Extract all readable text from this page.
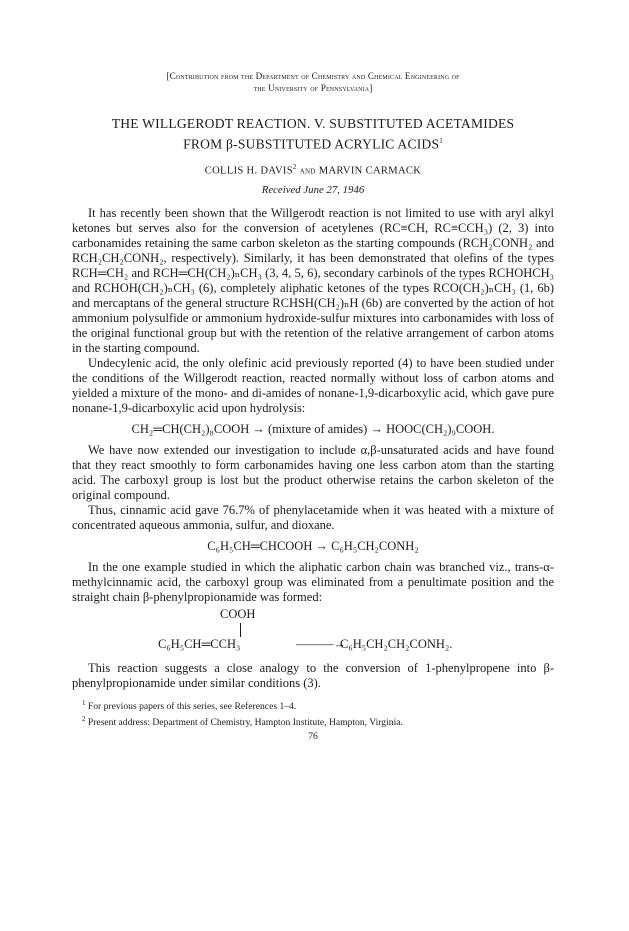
[Contribution from the Department of Chemistry and Chemical Engineering of
the University of Pennsylvania]
THE WILLGERODT REACTION. V. SUBSTITUTED ACETAMIDES
FROM β-SUBSTITUTED ACRYLIC ACIDS$^1$
COLLIS H. DAVIS$^2$ and MARVIN CARMACK
Received June 27, 1946

It has recently been shown that the Willgerodt reaction is not limited to use with aryl alkyl ketones but serves also for the conversion of acetylenes (RC≡CH, RC≡CCH₃) (2, 3) into carbonamides retaining the same carbon skeleton as the starting compounds (RCH₂CONH₂ and RCH₂CH₂CONH₂, respectively). Similarly, it has been demonstrated that olefins of the types RCH═CH₂ and RCH═CH(CH₂)ₙCH₃ (3, 4, 5, 6), secondary carbinols of the types RCHOHCH₃ and RCHOH(CH₂)ₙCH₃ (6), completely aliphatic ketones of the types RCO(CH₂)ₙCH₃ (1, 6b) and mercaptans of the general structure RCHSH(CH₂)ₙH (6b) are converted by the action of hot ammonium polysulfide or ammonium hydroxide-sulfur mixtures into carbonamides with loss of the original functional group but with the retention of the relative arrangement of carbon atoms in the starting compound.

Undecylenic acid, the only olefinic acid previously reported (4) to have been studied under the conditions of the Willgerodt reaction, reacted normally without loss of carbon atoms and yielded a mixture of the mono- and di-amides of nonane-1,9-dicarboxylic acid, which gave pure nonane-1,9-dicarboxylic acid upon hydrolysis:

CH₂═CH(CH₂)₈COOH → (mixture of amides) → HOOC(CH₂)₉COOH.

We have now extended our investigation to include α,β-unsaturated acids and have found that they react smoothly to form carbonamides having one less carbon atom than the starting acid. The carboxyl group is lost but the product otherwise retains the carbon skeleton of the original compound.

Thus, cinnamic acid gave 76.7% of phenylacetamide when it was heated with a mixture of concentrated aqueous ammonia, sulfur, and dioxane.

C₆H₅CH═CHCOOH → C₆H₅CH₂CONH₂

In the one example studied in which the aliphatic carbon chain was branched viz., trans-α-methylcinnamic acid, the carboxyl group was eliminated from a penultimate position and the straight chain β-phenylpropionamide was formed:

COOH
C₆H₅CH═CCH₃	———→
C₆H₅CH₂CH₂CONH₂.

This reaction suggests a close analogy to the conversion of 1-phenylpropene into β-phenylpropionamide under similar conditions (3).

$^1$ For previous papers of this series, see References 1–4.

$^2$ Present address: Department of Chemistry, Hampton Institute, Hampton, Virginia.

76
